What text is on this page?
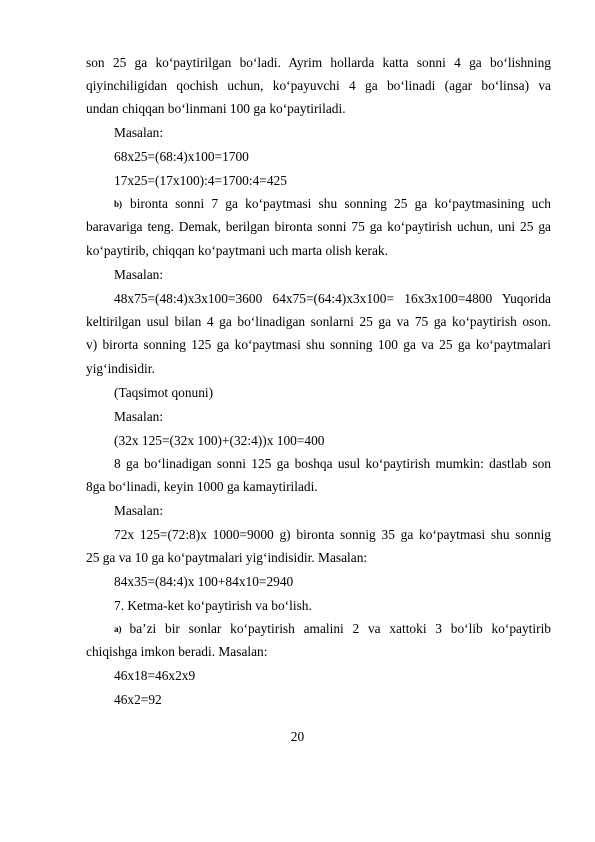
son 25 ga ko‘paytirilgan bo‘ladi. Ayrim hollarda katta sonni 4 ga bo‘lishning
qiyinchiligidan qochish uchun, ko‘payuvchi 4 ga bo‘linadi (agar bo‘linsa) va
undan chiqqan bo‘linmani 100 ga ko‘paytiriladi.
Masalan:
68x25=(68:4)x100=1700
17x25=(17x100):4=1700:4=425
b) bironta sonni 7 ga ko‘paytmasi shu sonning 25 ga ko‘paytmasining uch
baravariga teng. Demak, berilgan bironta sonni 75 ga ko‘paytirish uchun, uni 25 ga
ko‘paytirib, chiqqan ko‘paytmani uch marta olish kerak.
Masalan:
48x75=(48:4)x3x100=3600 64x75=(64:4)x3x100= 16x3x100=4800 Yuqorida
keltirilgan usul bilan 4 ga bo‘linadigan sonlarni 25 ga va 75 ga ko‘paytirish oson.
v) birorta sonning 125 ga ko‘paytmasi shu sonning 100 ga va 25 ga ko‘paytmalari
yig‘indisidir.
(Taqsimot qonuni)
Masalan:
(32x 125=(32x 100)+(32:4))x 100=400
8 ga bo‘linadigan sonni 125 ga boshqa usul ko‘paytirish mumkin: dastlab son
8ga bo‘linadi, keyin 1000 ga kamaytiriladi.
Masalan:
72x 125=(72:8)x 1000=9000 g) bironta sonnig 35 ga ko‘paytmasi shu sonnig
25 ga va 10 ga ko‘paytmalari yig‘indisidir. Masalan:
84x35=(84:4)x 100+84x10=2940
7. Ketma-ket ko‘paytirish va bo‘lish.
a) ba’zi bir sonlar ko‘paytirish amalini 2 va xattoki 3 bo‘lib ko‘paytirib
chiqishga imkon beradi. Masalan:
46x18=46x2x9
46x2=92
20
